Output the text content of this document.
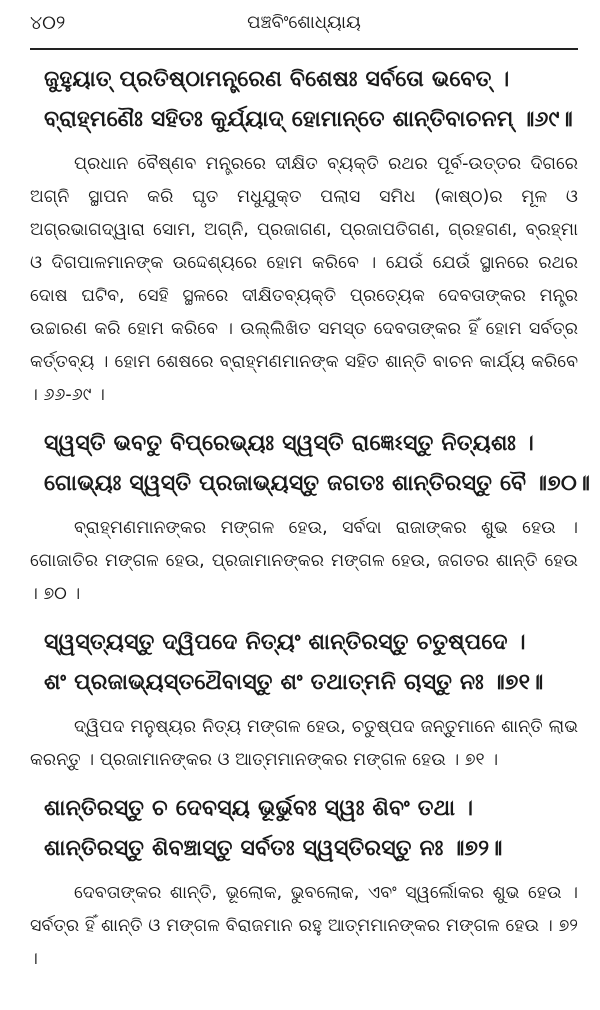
୪୦୨	ପଞ୍ଚବିଂଶୋଧ୍ୟାୟ
ଜୁହୁୟାତ୍ ପ୍ରତିଷ୍ଠାମନ୍ତ୍ରେଣ ବିଶେଷଃ ସର୍ବତୋ ଭବେତ୍ ।
ବ୍ରାହ୍ମଣୈଃ ସହିତଃ କୁର୍ଯ୍ୟାଦ୍ ହୋମାନ୍ତେ ଶାନ୍ତିବାଚନମ୍ ॥୬୯॥

ପ୍ରଧାନ ବୈଷ୍ଣବ ମନ୍ତ୍ରରେ ଦୀକ୍ଷିତ ବ୍ୟକ୍ତି ରଥର ପୂର୍ବ-ଉତ୍ତର ଦିଗରେ ଅଗ୍ନି ସ୍ଥାପନ କରି ଘୃତ ମଧୁଯୁକ୍ତ ପଲାସ ସମିଧ (କାଷ୍ଠ)ର ମୂଳ ଓ ଅଗ୍ରଭାଗଦ୍ୱାରା ସୋମ, ଅଗ୍ନି, ପ୍ରଜାଗଣ, ପ୍ରଜାପତିଗଣ, ଗ୍ରହଗଣ, ବ୍ରହ୍ମା ଓ ଦିଗପାଳମାନଙ୍କ ଉଦ୍ଦେଶ୍ୟରେ ହୋମ କରିବେ । ଯେଉଁ ଯେଉଁ ସ୍ଥାନରେ ରଥର ଦୋଷ ଘଟିବ, ସେହି ସ୍ଥଳରେ ଦୀକ୍ଷିତବ୍ୟକ୍ତି ପ୍ରତ୍ୟେକ ଦେବତାଙ୍କର ମନ୍ତ୍ର ଉଚ୍ଚାରଣ କରି ହୋମ କରିବେ । ଉଲ୍ଲିଖିତ ସମସ୍ତ ଦେବତାଙ୍କର ହିଁ ହୋମ ସର୍ବତ୍ର କର୍ତ୍ତବ୍ୟ । ହୋମ ଶେଷରେ ବ୍ରାହ୍ମଣମାନଙ୍କ ସହିତ ଶାନ୍ତି ବାଚନ କାର୍ଯ୍ୟ କରିବେ । ୬୬-୬୯ ।

ସ୍ୱସ୍ତି ଭବତୁ ବିପ୍ରେଭ୍ୟଃ ସ୍ୱସ୍ତି ରାଜ୍ଞେଽସ୍ତୁ ନିତ୍ୟଶଃ ।
ଗୋଭ୍ୟଃ ସ୍ୱସ୍ତି ପ୍ରଜାଭ୍ୟସ୍ତୁ ଜଗତଃ ଶାନ୍ତିରସ୍ତୁ ବୈ ॥୭୦॥

ବ୍ରାହ୍ମଣମାନଙ୍କର ମଙ୍ଗଳ ହେଉ, ସର୍ବଦା ରାଜାଙ୍କର ଶୁଭ ହେଉ । ଗୋଜାତିର ମଙ୍ଗଳ ହେଉ, ପ୍ରଜାମାନଙ୍କର ମଙ୍ଗଳ ହେଉ, ଜଗତର ଶାନ୍ତି ହେଉ । ୭୦ ।

ସ୍ୱସ୍ତ୍ୟସ୍ତୁ ଦ୍ୱିପଦେ ନିତ୍ୟଂ ଶାନ୍ତିରସ୍ତୁ ଚତୁଷ୍ପଦେ ।
ଶଂ ପ୍ରଜାଭ୍ୟସ୍ତଥୈବାସ୍ତୁ ଶଂ ତଥାତ୍ମନି ଚାସ୍ତୁ ନଃ ॥୭୧॥

ଦ୍ୱିପଦ ମନୁଷ୍ୟର ନିତ୍ୟ ମଙ୍ଗଳ ହେଉ, ଚତୁଷ୍ପଦ ଜନ୍ତୁମାନେ ଶାନ୍ତି ଲାଭ କରନ୍ତୁ । ପ୍ରଜାମାନଙ୍କର ଓ ଆତ୍ମମାନଙ୍କର ମଙ୍ଗଳ ହେଉ । ୭୧ ।

ଶାନ୍ତିରସ୍ତୁ ଚ ଦେବସ୍ୟ ଭୂର୍ଭୁବଃ ସ୍ୱଃ ଶିବଂ ତଥା ।
ଶାନ୍ତିରସ୍ତୁ ଶିବଞ୍ଚାସ୍ତୁ ସର୍ବତଃ ସ୍ୱସ୍ତିରସ୍ତୁ ନଃ ॥୭୨॥

ଦେବତାଙ୍କର ଶାନ୍ତି, ଭୂଲୋକ, ଭୁବଲୋକ, ଏବଂ ସ୍ୱର୍ଲୋକର ଶୁଭ ହେଉ । ସର୍ବତ୍ର ହିଁ ଶାନ୍ତି ଓ ମଙ୍ଗଳ ବିରାଜମାନ ରହୁ ଆତ୍ମମାନଙ୍କର ମଙ୍ଗଳ ହେଉ । ୭୨ ।
